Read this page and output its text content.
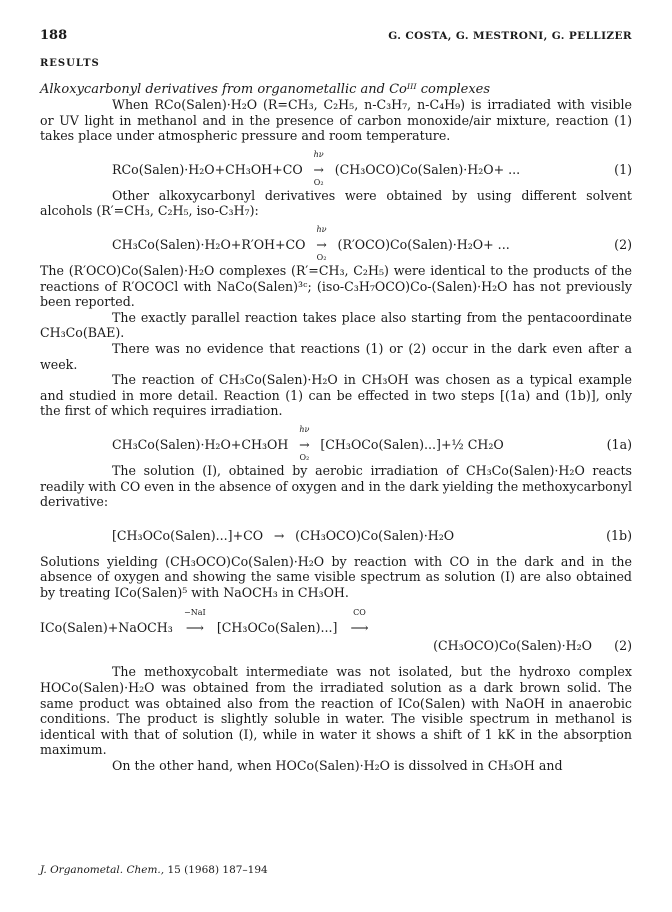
188	G. COSTA, G. MESTRONI, G. PELLIZER
RESULTS
Alkoxycarbonyl derivatives from organometallic and Coᴵᴵᴵ complexes

When RCo(Salen)·H₂O (R=CH₃, C₂H₅, n-C₃H₇, n-C₄H₉) is irradiated with visible or UV light in methanol and in the presence of carbon monoxide/air mixture, reaction (1) takes place under atmospheric pressure and room temperature.

RCo(Salen)·H₂O+CH₃OH+CO
hν
→
O₂
(CH₃OCO)Co(Salen)·H₂O+ ...	(1)

Other alkoxycarbonyl derivatives were obtained by using different solvent alcohols (R′=CH₃, C₂H₅, iso-C₃H₇):

CH₃Co(Salen)·H₂O+R′OH+CO
hν
→
O₂
(R′OCO)Co(Salen)·H₂O+ ...	(2)

The (R′OCO)Co(Salen)·H₂O complexes (R′=CH₃, C₂H₅) were identical to the products of the reactions of R′OCOCl with NaCo(Salen)³ᶜ; (iso-C₃H₇OCO)Co-(Salen)·H₂O has not previously been reported.

The exactly parallel reaction takes place also starting from the pentacoordinate CH₃Co(BAE).

There was no evidence that reactions (1) or (2) occur in the dark even after a week.

The reaction of CH₃Co(Salen)·H₂O in CH₃OH was chosen as a typical example and studied in more detail. Reaction (1) can be effected in two steps [(1a) and (1b)], only the first of which requires irradiation.

CH₃Co(Salen)·H₂O+CH₃OH
hν
→
O₂
[CH₃OCo(Salen)...]+½ CH₂O	(1a)

The solution (I), obtained by aerobic irradiation of CH₃Co(Salen)·H₂O reacts readily with CO even in the absence of oxygen and in the dark yielding the methoxycarbonyl derivative:

[CH₃OCo(Salen)...]+CO → (CH₃OCO)Co(Salen)·H₂O	(1b)

Solutions yielding (CH₃OCO)Co(Salen)·H₂O by reaction with CO in the dark and in the absence of oxygen and showing the same visible spectrum as solution (I) are also obtained by treating ICo(Salen)⁵ with NaOCH₃ in CH₃OH.

ICo(Salen)+NaOCH₃
−NaI
⟶ [CH₃OCo(Salen)...]
CO
⟶
(CH₃OCO)Co(Salen)·H₂O (2)

The methoxycobalt intermediate was not isolated, but the hydroxo complex HOCo(Salen)·H₂O was obtained from the irradiated solution as a dark brown solid. The same product was obtained also from the reaction of ICo(Salen) with NaOH in anaerobic conditions. The product is slightly soluble in water. The visible spectrum in methanol is identical with that of solution (I), while in water it shows a shift of 1 kK in the absorption maximum.

On the other hand, when HOCo(Salen)·H₂O is dissolved in CH₃OH and

J. Organometal. Chem., 15 (1968) 187–194
